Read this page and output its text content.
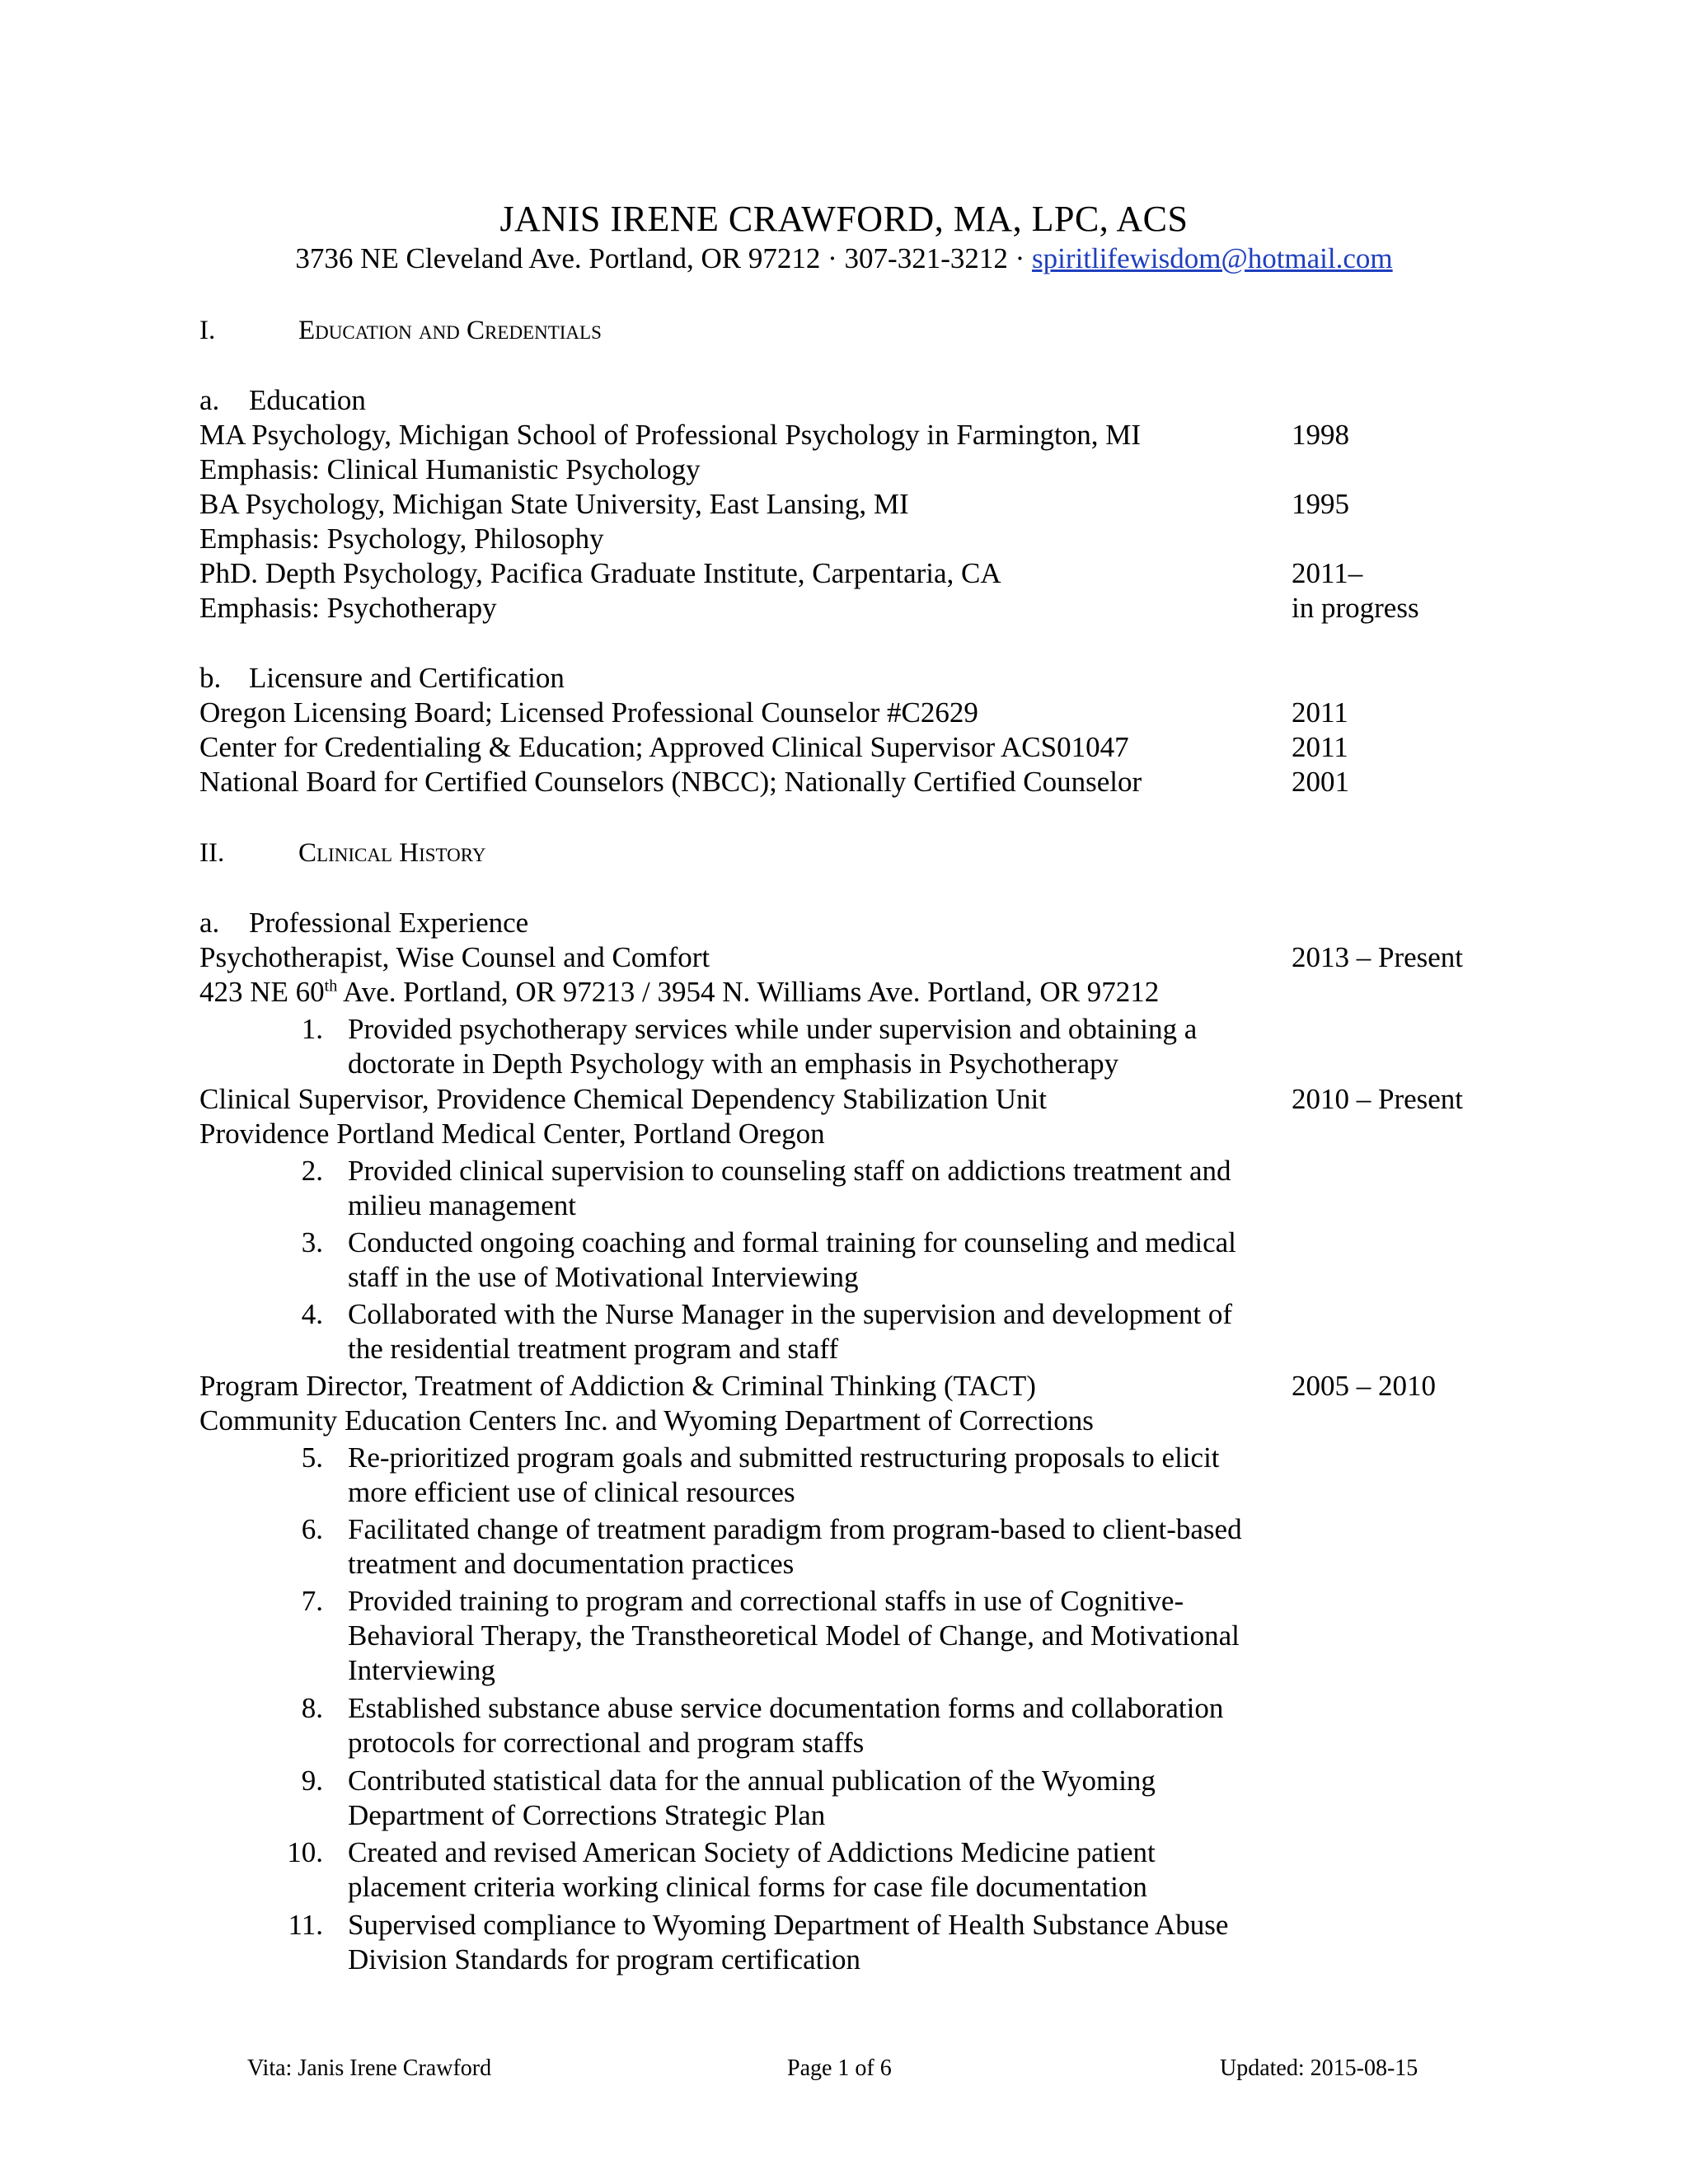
JANIS IRENE CRAWFORD, MA, LPC, ACS
3736 NE Cleveland Ave. Portland, OR 97212 · 307-321-3212 · spiritlifewisdom@hotmail.com
I.	Education and Credentials
a. Education
MA Psychology, Michigan School of Professional Psychology in Farmington, MI	1998
Emphasis: Clinical Humanistic Psychology
BA Psychology, Michigan State University, East Lansing, MI	1995
Emphasis: Psychology, Philosophy
PhD. Depth Psychology, Pacifica Graduate Institute, Carpentaria, CA	2011–
Emphasis: Psychotherapy	in progress
b. Licensure and Certification
Oregon Licensing Board; Licensed Professional Counselor #C2629	2011
Center for Credentialing & Education; Approved Clinical Supervisor ACS01047	2011
National Board for Certified Counselors (NBCC); Nationally Certified Counselor	2001
II.	Clinical History
a. Professional Experience
Psychotherapist, Wise Counsel and Comfort	2013 – Present
423 NE 60th Ave. Portland, OR 97213 / 3954 N. Williams Ave. Portland, OR 97212
1. Provided psychotherapy services while under supervision and obtaining a
doctorate in Depth Psychology with an emphasis in Psychotherapy
Clinical Supervisor, Providence Chemical Dependency Stabilization Unit	2010 – Present
Providence Portland Medical Center, Portland Oregon
2. Provided clinical supervision to counseling staff on addictions treatment and
milieu management
3. Conducted ongoing coaching and formal training for counseling and medical
staff in the use of Motivational Interviewing
4. Collaborated with the Nurse Manager in the supervision and development of
the residential treatment program and staff
Program Director, Treatment of Addiction & Criminal Thinking (TACT)	2005 – 2010
Community Education Centers Inc. and Wyoming Department of Corrections
5. Re-prioritized program goals and submitted restructuring proposals to elicit
more efficient use of clinical resources
6. Facilitated change of treatment paradigm from program-based to client-based
treatment and documentation practices
7. Provided training to program and correctional staffs in use of Cognitive-
Behavioral Therapy, the Transtheoretical Model of Change, and Motivational
Interviewing
8. Established substance abuse service documentation forms and collaboration
protocols for correctional and program staffs
9. Contributed statistical data for the annual publication of the Wyoming
Department of Corrections Strategic Plan
10. Created and revised American Society of Addictions Medicine patient
placement criteria working clinical forms for case file documentation
11. Supervised compliance to Wyoming Department of Health Substance Abuse
Division Standards for program certification
Vita: Janis Irene Crawford	Page 1 of 6	Updated: 2015-08-15
